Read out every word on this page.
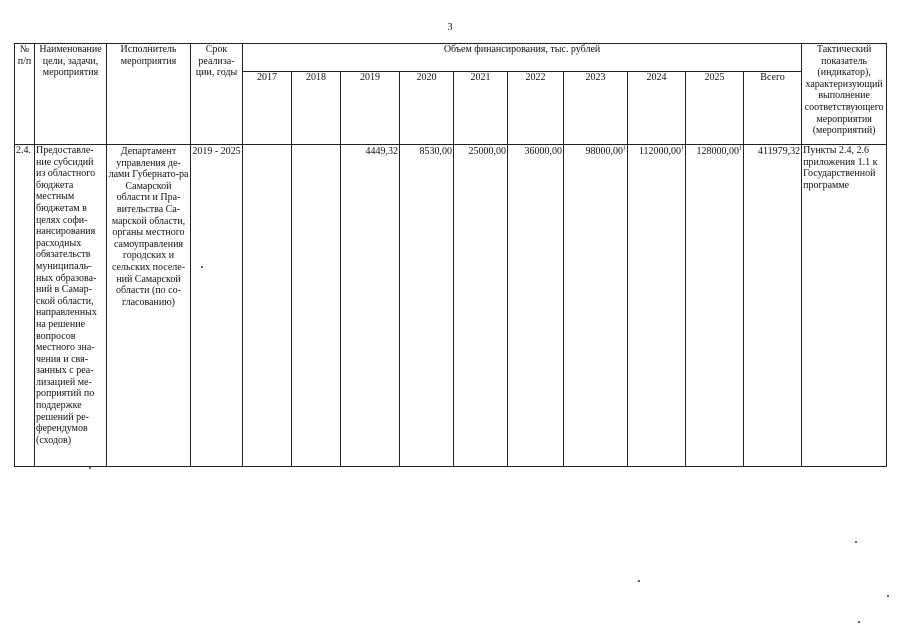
3
№ п/п	Наименование цели, задачи, мероприятия	Исполнитель мероприятия	Срок реализа-ции, годы	Объем финансирования, тыс. рублей										Тактический показатель (индикатор), характеризующий выполнение соответствующего мероприятия (мероприятий)
				2017	2018	2019	2020	2021	2022	2023	2024	2025	Всего	
2.4.	Предоставле-ние субсидий из областного бюджета местным бюджетам в целях софи-нансирования расходных обязательств муниципаль-ных образова-ний в Самар-ской области, направленных на решение вопросов местного зна-чения и свя-занных с реа-лизацией ме-роприятий по поддержке решений ре-ферендумов (сходов)	Департамент управления де-лами Губернато-ра Самарской области и Пра-вительства Са-марской области, органы местного самоуправления городских и сельских поселе-ний Самарской области (по со-гласованию)	2019 - 2025			4449,32	8530,00	25000,00	36000,00	98000,00$^1$	112000,00$^1$	128000,00$^1$	411979,32	Пункты 2.4, 2.6 приложения 1.1 к Государственной программе
